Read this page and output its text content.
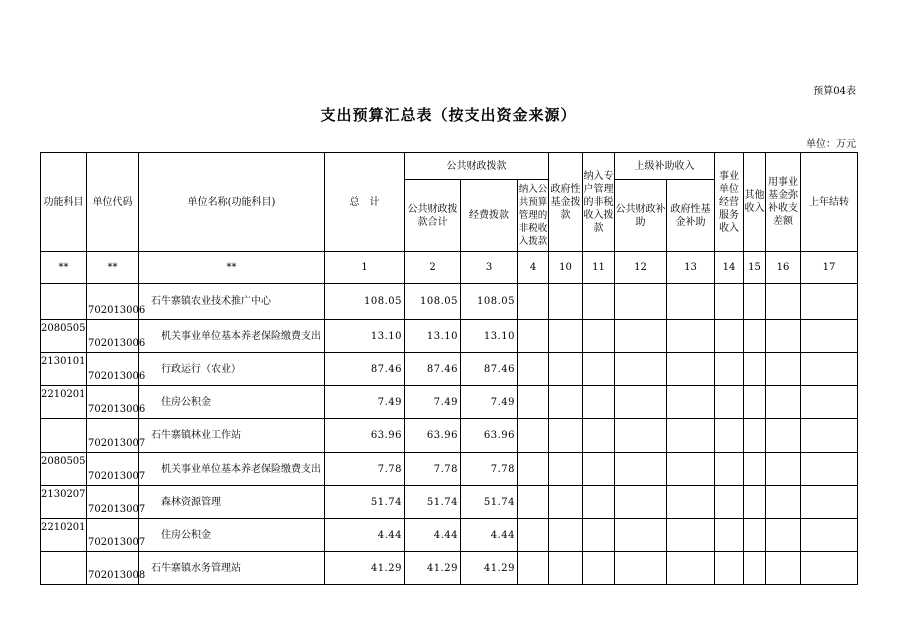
预算04表
支出预算汇总表（按支出资金来源）
单位：万元
功能科目	单位代码	单位名称(功能科目)	总　计	公共财政拨款			政府性基金拨款	纳入专户管理的非税收入拨款	上级补助收入		事业单位经营服务收入	其他收入	用事业基金弥补收支差额	上年结转
				公共财政拨款合计	经费拨款	纳入公共预算管理的非税收入拨款			公共财政补助	政府性基金补助				
**	**	**	1	2	3	4	10	11	12	13	14	15	16	17
	702013006	石牛寨镇农业技术推广中心	108.05	108.05	108.05									
2080505	702013006	机关事业单位基本养老保险缴费支出	13.10	13.10	13.10									
2130101	702013006	行政运行（农业）	87.46	87.46	87.46									
2210201	702013006	住房公积金	7.49	7.49	7.49									
	702013007	石牛寨镇林业工作站	63.96	63.96	63.96									
2080505	702013007	机关事业单位基本养老保险缴费支出	7.78	7.78	7.78									
2130207	702013007	森林资源管理	51.74	51.74	51.74									
2210201	702013007	住房公积金	4.44	4.44	4.44									
	702013008	石牛寨镇水务管理站	41.29	41.29	41.29									
